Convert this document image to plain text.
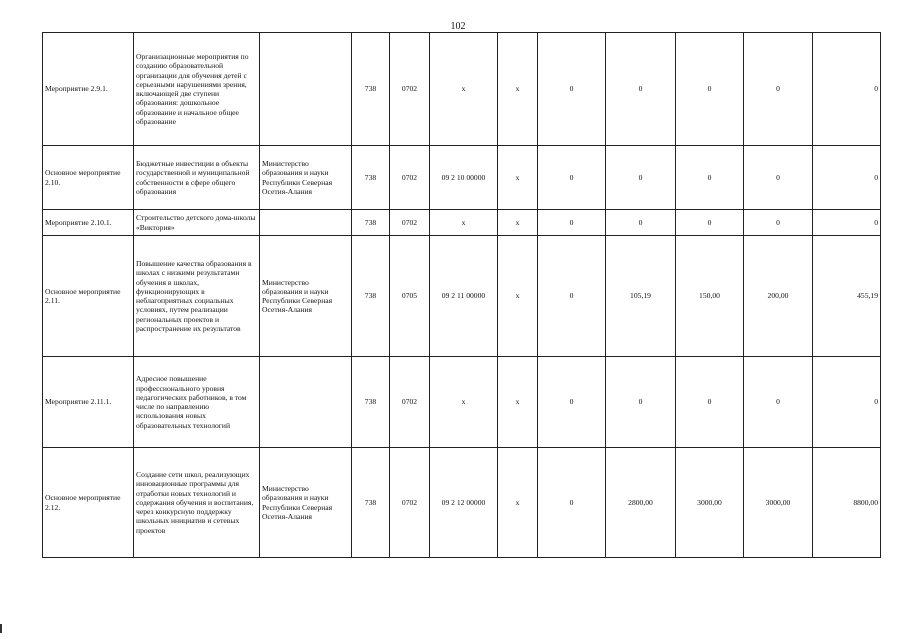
102
Мероприятие 2.9.1.	Организационные мероприятия по созданию образовательной организации для обучения детей с серьезными нарушениями зрения, включающей две ступени образования: дошкольное образование и начальное общее образование		738	0702	x	x	0	0	0	0	0
Основное мероприятие 2.10.	Бюджетные инвестиции в объекты государственной и муниципальной собственности в сфере общего образования	Министерство образования и науки Республики Северная Осетия-Алания	738	0702	09 2 10 00000	x	0	0	0	0	0
Мероприятие 2.10.1.	Строительство детского дома-школы «Виктория»		738	0702	x	x	0	0	0	0	0
Основное мероприятие 2.11.	Повышение качества образования в школах с низкими результатами обучения в школах, функционирующих в неблагоприятных социальных условиях, путем реализации региональных проектов и распространение их результатов	Министерство образования и науки Республики Северная Осетия-Алания	738	0705	09 2 11 00000	x	0	105,19	150,00	200,00	455,19
Мероприятие 2.11.1.	Адресное повышение профессионального уровня педагогических работников, в том числе по направлению использования новых образовательных технологий		738	0702	x	x	0	0	0	0	0
Основное мероприятие 2.12.	Создание сети школ, реализующих инновационные программы для отработки новых технологий и содержания обучения и воспитания, через конкурсную поддержку школьных инициатив и сетевых проектов	Министерство образования и науки Республики Северная Осетия-Алания	738	0702	09 2 12 00000	x	0	2800,00	3000,00	3000,00	8800,00
